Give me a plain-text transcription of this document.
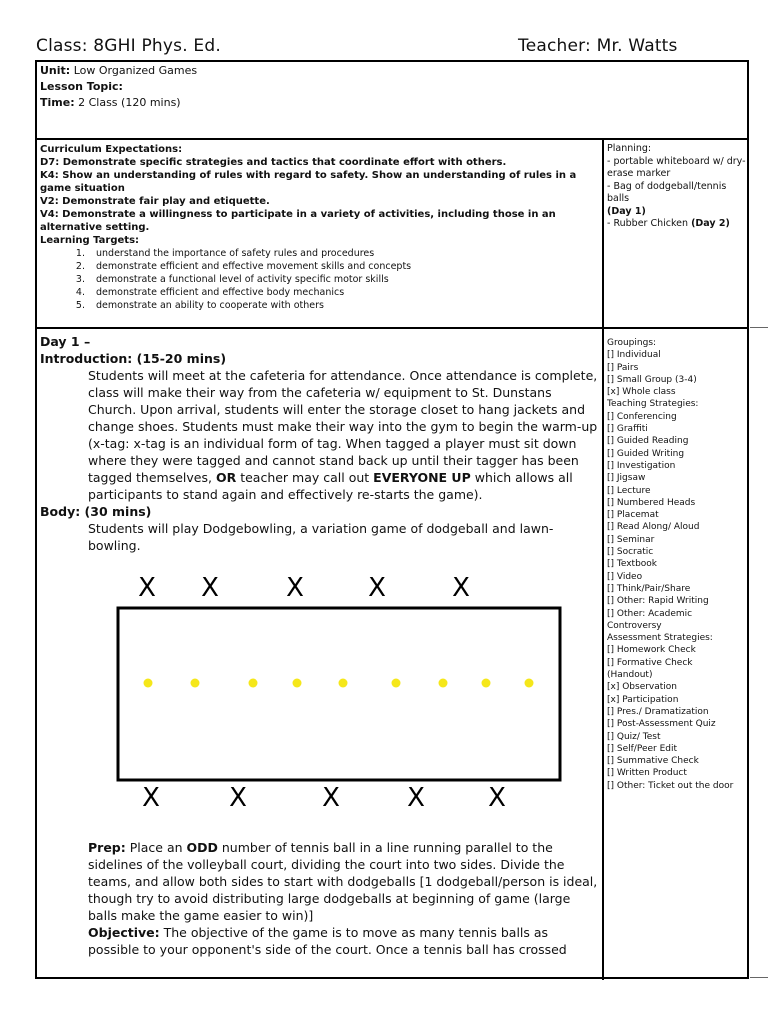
Class: 8GHI Phys. Ed.	Teacher: Mr. Watts
Unit: Low Organized Games
Lesson Topic:
Time: 2 Class (120 mins)
Curriculum Expectations:
D7: Demonstrate specific strategies and tactics that coordinate effort with others.
K4: Show an understanding of rules with regard to safety. Show an understanding of rules in a game situation
V2: Demonstrate fair play and etiquette.
V4: Demonstrate a willingness to participate in a variety of activities, including those in an alternative setting.
Learning Targets:
1. understand the importance of safety rules and procedures
2. demonstrate efficient and effective movement skills and concepts
3. demonstrate a functional level of activity specific motor skills
4. demonstrate efficient and effective body mechanics
5. demonstrate an ability to cooperate with others
Planning:
- portable whiteboard w/ dry-erase marker
- Bag of dodgeball/tennis balls
(Day 1)
- Rubber Chicken (Day 2)
Groupings:
[] Individual
[] Pairs
[] Small Group (3-4)
[x] Whole class
Teaching Strategies:
[] Conferencing
[] Graffiti
[] Guided Reading
[] Guided Writing
[] Investigation
[] Jigsaw
[] Lecture
[] Numbered Heads
[] Placemat
[] Read Along/ Aloud
[] Seminar
[] Socratic
[] Textbook
[] Video
[] Think/Pair/Share
[] Other: Rapid Writing
[] Other: Academic
Controversy
Assessment Strategies:
[] Homework Check
[] Formative Check
(Handout)
[x] Observation
[x] Participation
[] Pres./ Dramatization
[] Post-Assessment Quiz
[] Quiz/ Test
[] Self/Peer Edit
[] Summative Check
[] Written Product
[] Other: Ticket out the door
Day 1 –
Introduction: (15-20 mins)
Students will meet at the cafeteria for attendance. Once attendance is complete, class will make their way from the cafeteria w/ equipment to St. Dunstans Church. Upon arrival, students will enter the storage closet to hang jackets and change shoes. Students must make their way into the gym to begin the warm-up (x-tag: x-tag is an individual form of tag. When tagged a player must sit down where they were tagged and cannot stand back up until their tagger has been tagged themselves, OR teacher may call out EVERYONE UP which allows all participants to stand again and effectively re-starts the game).
Body: (30 mins)
Students will play Dodgebowling, a variation game of dodgeball and lawn-bowling.
X X	X X	X
X	X	X	X X
Prep: Place an ODD number of tennis ball in a line running parallel to the sidelines of the volleyball court, dividing the court into two sides. Divide the teams, and allow both sides to start with dodgeballs [1 dodgeball/person is ideal, though try to avoid distributing large dodgeballs at beginning of game (large balls make the game easier to win)]
Objective: The objective of the game is to move as many tennis balls as possible to your opponent's side of the court. Once a tennis ball has crossed
